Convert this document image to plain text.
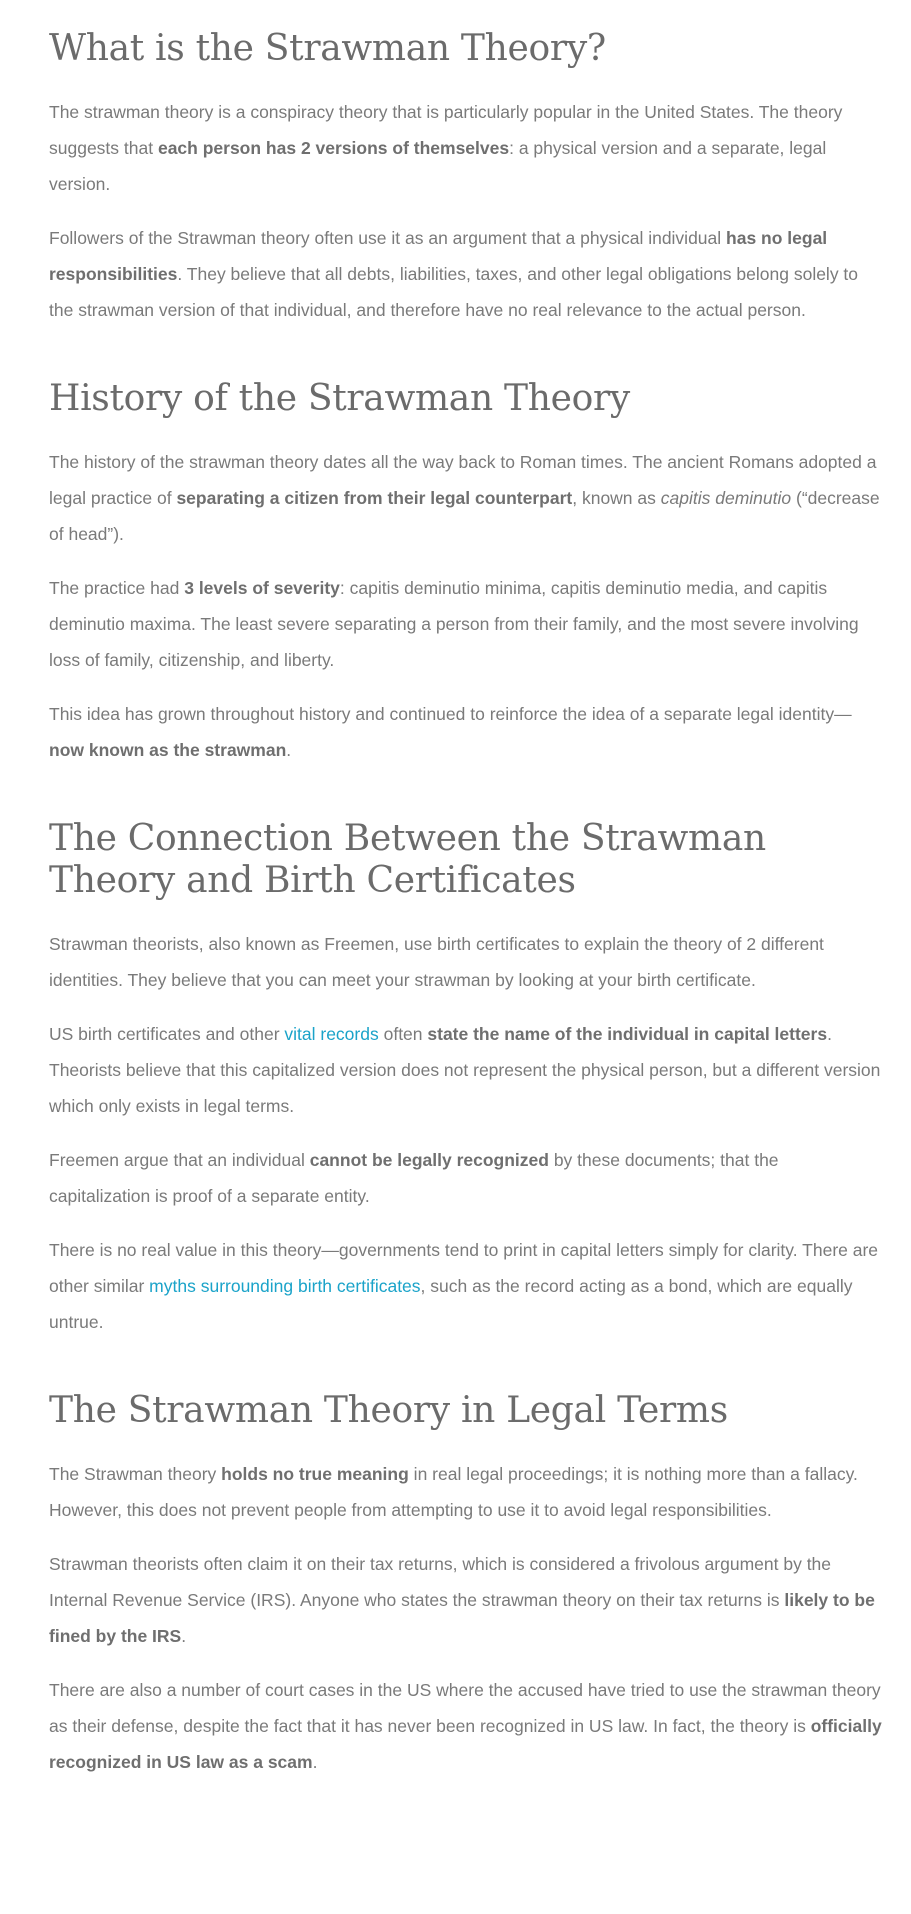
What is the Strawman Theory?

The strawman theory is a conspiracy theory that is particularly popular in the United States. The theory suggests that each person has 2 versions of themselves: a physical version and a separate, legal version.

Followers of the Strawman theory often use it as an argument that a physical individual has no legal responsibilities. They believe that all debts, liabilities, taxes, and other legal obligations belong solely to the strawman version of that individual, and therefore have no real relevance to the actual person.

History of the Strawman Theory

The history of the strawman theory dates all the way back to Roman times. The ancient Romans adopted a legal practice of separating a citizen from their legal counterpart, known as capitis deminutio (“decrease of head”).

The practice had 3 levels of severity: capitis deminutio minima, capitis deminutio media, and capitis deminutio maxima. The least severe separating a person from their family, and the most severe involving loss of family, citizenship, and liberty.

This idea has grown throughout history and continued to reinforce the idea of a separate legal identity—now known as the strawman.

The Connection Between the Strawman Theory and Birth Certificates

Strawman theorists, also known as Freemen, use birth certificates to explain the theory of 2 different identities. They believe that you can meet your strawman by looking at your birth certificate.

US birth certificates and other vital records often state the name of the individual in capital letters. Theorists believe that this capitalized version does not represent the physical person, but a different version which only exists in legal terms.

Freemen argue that an individual cannot be legally recognized by these documents; that the capitalization is proof of a separate entity.

There is no real value in this theory—governments tend to print in capital letters simply for clarity. There are other similar myths surrounding birth certificates, such as the record acting as a bond, which are equally untrue.

The Strawman Theory in Legal Terms

The Strawman theory holds no true meaning in real legal proceedings; it is nothing more than a fallacy. However, this does not prevent people from attempting to use it to avoid legal responsibilities.

Strawman theorists often claim it on their tax returns, which is considered a frivolous argument by the Internal Revenue Service (IRS). Anyone who states the strawman theory on their tax returns is likely to be fined by the IRS.

There are also a number of court cases in the US where the accused have tried to use the strawman theory as their defense, despite the fact that it has never been recognized in US law. In fact, the theory is officially recognized in US law as a scam.
